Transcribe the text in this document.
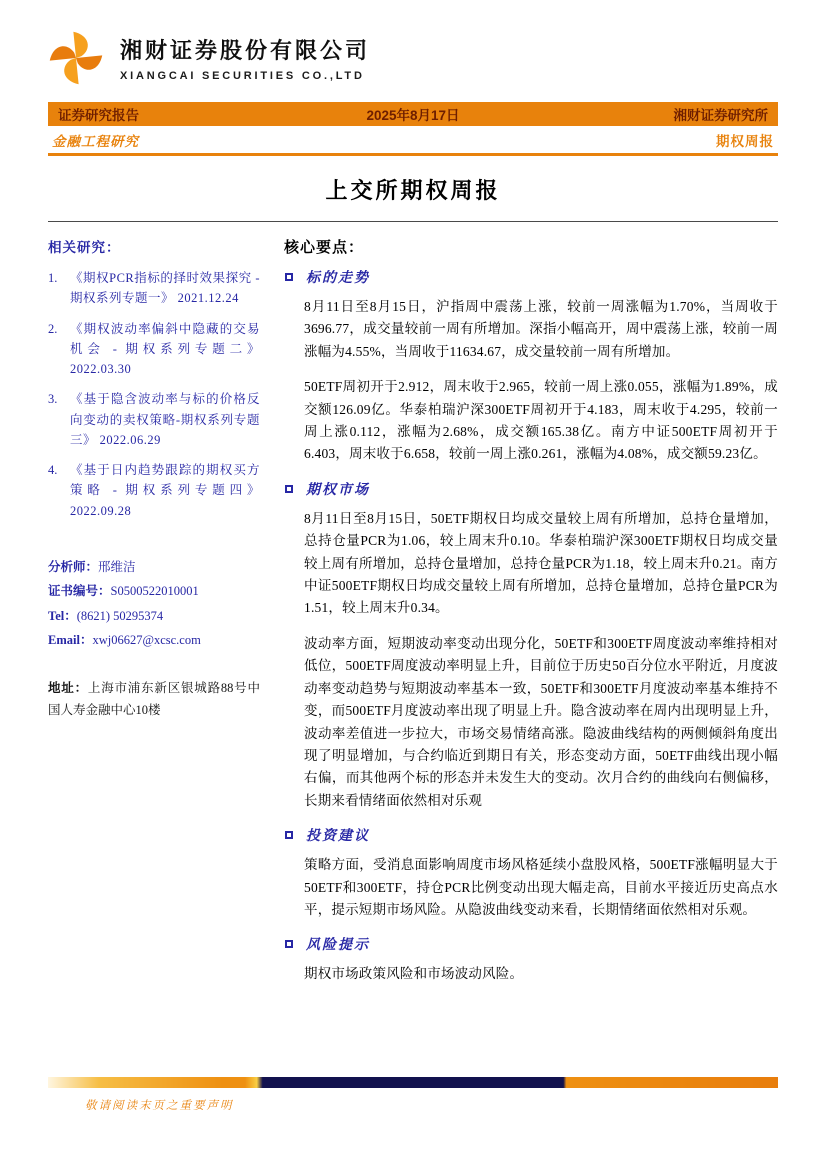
湘财证券股份有限公司
XIANGCAI SECURITIES CO.,LTD
证券研究报告	2025年8月17日	湘财证券研究所
金融工程研究	期权周报
上交所期权周报
相关研究：
1.	《期权PCR指标的择时效果探究 - 期权系列专题一》 2021.12.24
2.	《期权波动率偏斜中隐藏的交易机会 - 期权系列专题二》 2022.03.30
3.	《基于隐含波动率与标的价格反向变动的卖权策略-期权系列专题三》 2022.06.29
4.	《基于日内趋势跟踪的期权买方策略 - 期权系列专题四》 2022.09.28
分析师：邢维洁
证书编号：S0500522010001
Tel：(8621) 50295374
Email：xwj06627@xcsc.com
地址：上海市浦东新区银城路88号中国人寿金融中心10楼
核心要点：
标的走势

8月11日至8月15日，沪指周中震荡上涨，较前一周涨幅为1.70%，当周收于3696.77，成交量较前一周有所增加。深指小幅高开，周中震荡上涨，较前一周涨幅为4.55%，当周收于11634.67，成交量较前一周有所增加。

50ETF周初开于2.912，周末收于2.965，较前一周上涨0.055，涨幅为1.89%，成交额126.09亿。华泰柏瑞沪深300ETF周初开于4.183，周末收于4.295，较前一周上涨0.112，涨幅为2.68%，成交额165.38亿。南方中证500ETF周初开于6.403，周末收于6.658，较前一周上涨0.261，涨幅为4.08%，成交额59.23亿。

期权市场

8月11日至8月15日，50ETF期权日均成交量较上周有所增加，总持仓量增加，总持仓量PCR为1.06，较上周末升0.10。华泰柏瑞沪深300ETF期权日均成交量较上周有所增加，总持仓量增加，总持仓量PCR为1.18，较上周末升0.21。南方中证500ETF期权日均成交量较上周有所增加，总持仓量增加，总持仓量PCR为1.51，较上周末升0.34。

波动率方面，短期波动率变动出现分化，50ETF和300ETF周度波动率维持相对低位，500ETF周度波动率明显上升，目前位于历史50百分位水平附近，月度波动率变动趋势与短期波动率基本一致，50ETF和300ETF月度波动率基本维持不变，而500ETF月度波动率出现了明显上升。隐含波动率在周内出现明显上升，波动率差值进一步拉大，市场交易情绪高涨。隐波曲线结构的两侧倾斜角度出现了明显增加，与合约临近到期日有关，形态变动方面，50ETF曲线出现小幅右偏，而其他两个标的形态并未发生大的变动。次月合约的曲线向右侧偏移，长期来看情绪面依然相对乐观

投资建议

策略方面，受消息面影响周度市场风格延续小盘股风格，500ETF涨幅明显大于50ETF和300ETF，持仓PCR比例变动出现大幅走高，目前水平接近历史高点水平，提示短期市场风险。从隐波曲线变动来看，长期情绪面依然相对乐观。

风险提示

期权市场政策风险和市场波动风险。

敬请阅读末页之重要声明
